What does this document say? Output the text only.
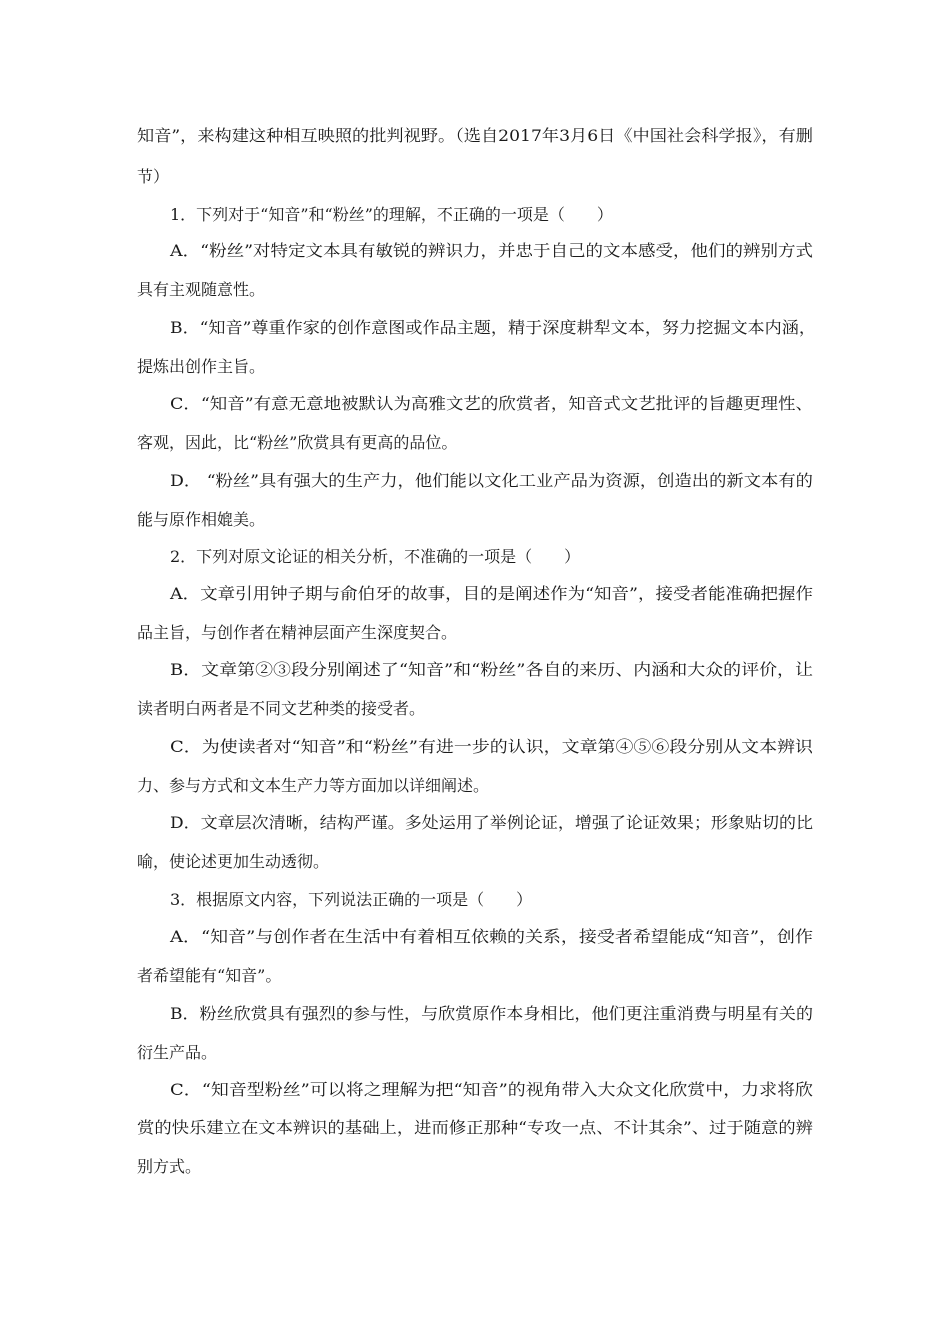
知音”，来构建这种相互映照的批判视野。（选自2017年3月6日《中国社会科学报》，有删
节）
1．下列对于“知音”和“粉丝”的理解，不正确的一项是（　　）
A．“粉丝”对特定文本具有敏锐的辨识力，并忠于自己的文本感受，他们的辨别方式
具有主观随意性。
B．“知音”尊重作家的创作意图或作品主题，精于深度耕犁文本，努力挖掘文本内涵，
提炼出创作主旨。
C．“知音”有意无意地被默认为高雅文艺的欣赏者，知音式文艺批评的旨趣更理性、
客观，因此，比“粉丝”欣赏具有更高的品位。
D． “粉丝”具有强大的生产力，他们能以文化工业产品为资源，创造出的新文本有的
能与原作相媲美。
2．下列对原文论证的相关分析，不准确的一项是（　　）
A．文章引用钟子期与俞伯牙的故事，目的是阐述作为“知音”，接受者能准确把握作
品主旨，与创作者在精神层面产生深度契合。
B．文章第②③段分别阐述了“知音”和“粉丝”各自的来历、内涵和大众的评价，让
读者明白两者是不同文艺种类的接受者。
C．为使读者对“知音”和“粉丝”有进一步的认识，文章第④⑤⑥段分别从文本辨识
力、参与方式和文本生产力等方面加以详细阐述。
D．文章层次清晰，结构严谨。多处运用了举例论证，增强了论证效果；形象贴切的比
喻，使论述更加生动透彻。
3．根据原文内容，下列说法正确的一项是（　　）
A．“知音”与创作者在生活中有着相互依赖的关系，接受者希望能成“知音”，创作
者希望能有“知音”。
B．粉丝欣赏具有强烈的参与性，与欣赏原作本身相比，他们更注重消费与明星有关的
衍生产品。
C．“知音型粉丝”可以将之理解为把“知音”的视角带入大众文化欣赏中，力求将欣
赏的快乐建立在文本辨识的基础上，进而修正那种“专攻一点、不计其余”、过于随意的辨
别方式。
